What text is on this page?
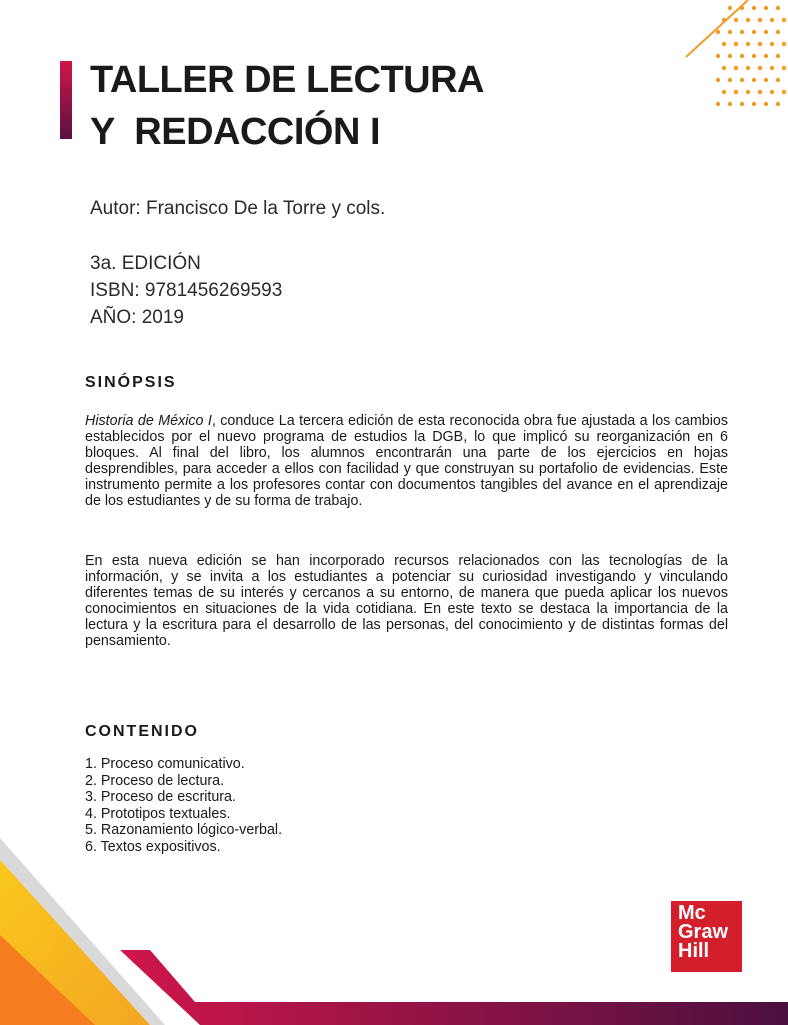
TALLER DE LECTURA
Y  REDACCIÓN I
Autor: Francisco De la Torre y cols.
3a. EDICIÓN
ISBN: 9781456269593
AÑO: 2019
SINÓPSIS

Historia de México I, conduce La tercera edición de esta reconocida obra fue ajustada a los cambios establecidos por el nuevo programa de estudios la DGB, lo que implicó su reorganización en 6 bloques. Al final del libro, los alumnos encontrarán una parte de los ejercicios en hojas desprendibles, para acceder a ellos con facilidad y que construyan su portafolio de evidencias. Este instrumento permite a los profesores contar con documentos tangibles del avance en el aprendizaje de los estudiantes y de su forma de trabajo.

En esta nueva edición se han incorporado recursos relacionados con las tecnologías de la información, y se invita a los estudiantes a potenciar su curiosidad investigando y vinculando diferentes temas de su interés y cercanos a su entorno, de manera que pueda aplicar los nuevos conocimientos en situaciones de la vida cotidiana. En este texto se destaca la importancia de la lectura y la escritura para el desarrollo de las personas, del conocimiento y de distintas formas del pensamiento.

CONTENIDO
1. Proceso comunicativo.
2. Proceso de lectura.
3. Proceso de escritura.
4. Prototipos textuales.
5. Razonamiento lógico-verbal.
6. Textos expositivos.
Mc
Graw
Hill
